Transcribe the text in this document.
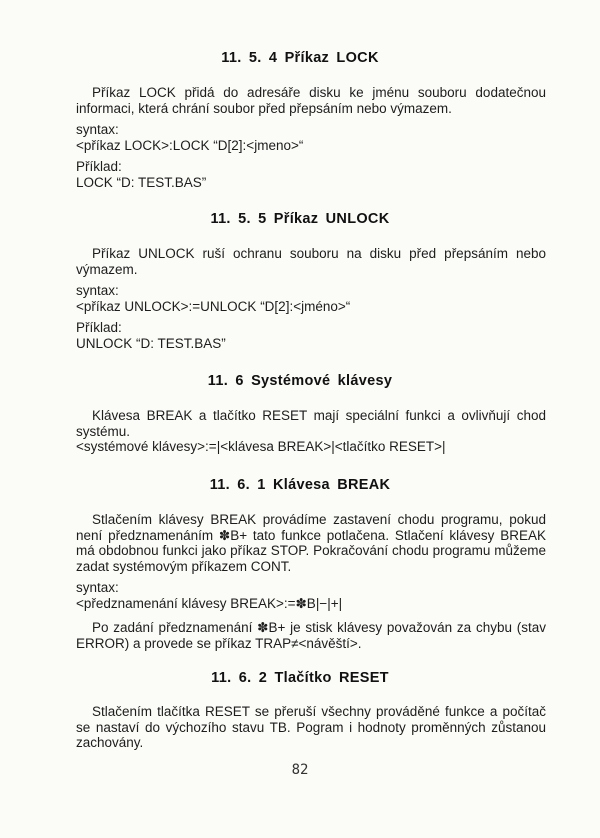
11. 5. 4 Příkaz LOCK

Příkaz LOCK přidá do adresáře disku ke jménu souboru dodatečnou informaci, která chrání soubor před přepsáním nebo výmazem.

syntax:

<příkaz LOCK>:LOCK “D[2]:<jmeno>“

Příklad:

LOCK “D: TEST.BAS”

11. 5. 5 Příkaz UNLOCK

Příkaz UNLOCK ruší ochranu souboru na disku před přepsáním nebo výmazem.

syntax:

<příkaz UNLOCK>:=UNLOCK “D[2]:<jméno>“

Příklad:

UNLOCK “D: TEST.BAS”

11. 6 Systémové klávesy

Klávesa BREAK a tlačítko RESET mají speciální funkci a ovlivňují chod systému.

<systémové klávesy>:=|<klávesa BREAK>|<tlačítko RESET>|

11. 6. 1 Klávesa BREAK

Stlačením klávesy BREAK provádíme zastavení chodu programu, pokud není předznamenáním ✽B+ tato funkce potlačena. Stlačení klávesy BREAK má obdobnou funkci jako příkaz STOP. Pokračování chodu programu můžeme zadat systémovým příkazem CONT.

syntax:

<předznamenání klávesy BREAK>:=✽B|−|+|

Po zadání předznamenání ✽B+ je stisk klávesy považován za chybu (stav ERROR) a provede se příkaz TRAP≠<návěští>.

11. 6. 2 Tlačítko RESET

Stlačením tlačítka RESET se přeruší všechny prováděné funkce a počítač se nastaví do výchozího stavu TB. Pogram i hodnoty proměnných zůstanou zachovány.

82
